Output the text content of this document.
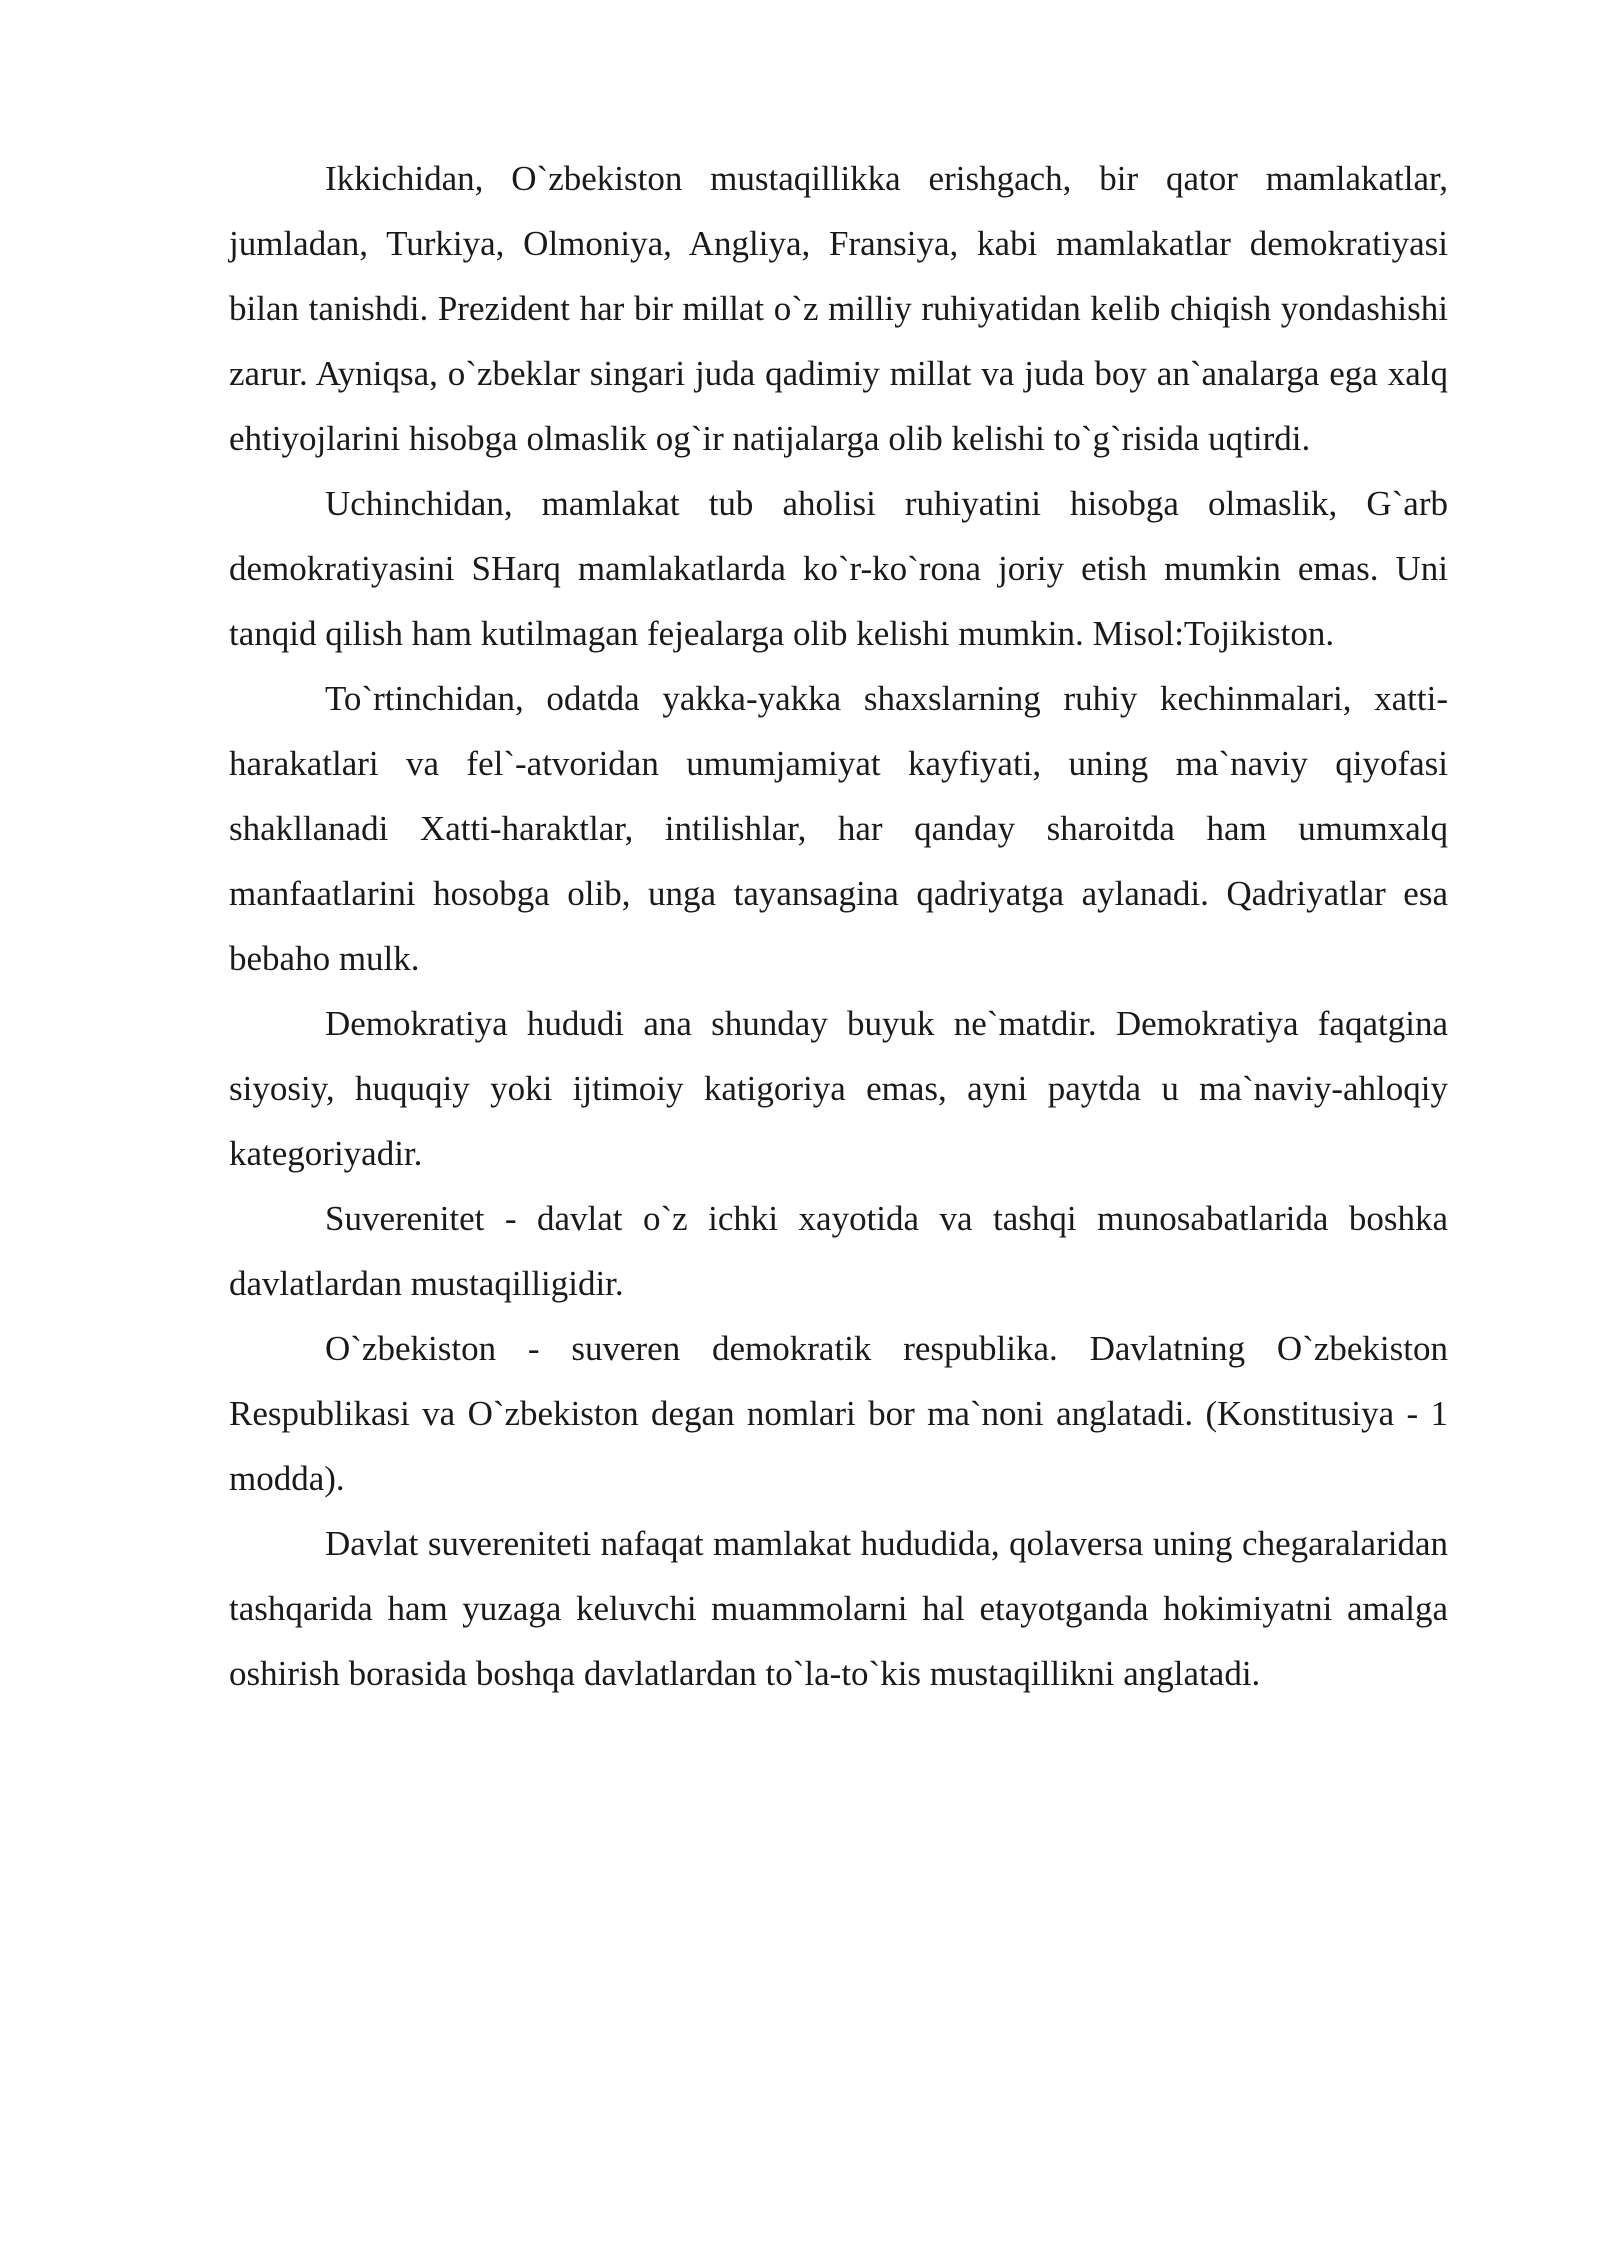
Ikkichidan, O`zbekiston mustaqillikka erishgach, bir qator mamlakatlar, jumladan, Turkiya, Olmoniya, Angliya, Fransiya, kabi mamlakatlar demokratiyasi bilan tanishdi. Prezident har bir millat o`z milliy ruhiyatidan kelib chiqish yondashishi zarur. Ayniqsa, o`zbeklar singari juda qadimiy millat va juda boy an`analarga ega xalq ehtiyojlarini hisobga olmaslik og`ir natijalarga olib kelishi to`g`risida uqtirdi.

Uchinchidan, mamlakat tub aholisi ruhiyatini hisobga olmaslik, G`arb demokratiyasini SHarq mamlakatlarda ko`r-ko`rona joriy etish mumkin emas. Uni tanqid qilish ham kutilmagan fejealarga olib kelishi mumkin. Misol:Tojikiston.

To`rtinchidan, odatda yakka-yakka shaxslarning ruhiy kechinmalari, xatti-harakatlari va fel`-atvoridan umumjamiyat kayfiyati, uning ma`naviy qiyofasi shakllanadi Xatti-haraktlar, intilishlar, har qanday sharoitda ham umumxalq manfaatlarini hosobga olib, unga tayansagina qadriyatga aylanadi. Qadriyatlar esa bebaho mulk.

Demokratiya hududi ana shunday buyuk ne`matdir. Demokratiya faqatgina siyosiy, huquqiy yoki ijtimoiy katigoriya emas, ayni paytda u ma`naviy-ahloqiy kategoriyadir.

Suverenitet - davlat o`z ichki xayotida va tashqi munosabatlarida boshka davlatlardan mustaqilligidir.

O`zbekiston - suveren demokratik respublika. Davlatning O`zbekiston Respublikasi va O`zbekiston degan nomlari bor ma`noni anglatadi. (Konstitusiya - 1 modda).

Davlat suvereniteti nafaqat mamlakat hududida, qolaversa uning chegaralaridan tashqarida ham yuzaga keluvchi muammolarni hal etayotganda hokimiyatni amalga oshirish borasida boshqa davlatlardan to`la-to`kis mustaqillikni anglatadi.
